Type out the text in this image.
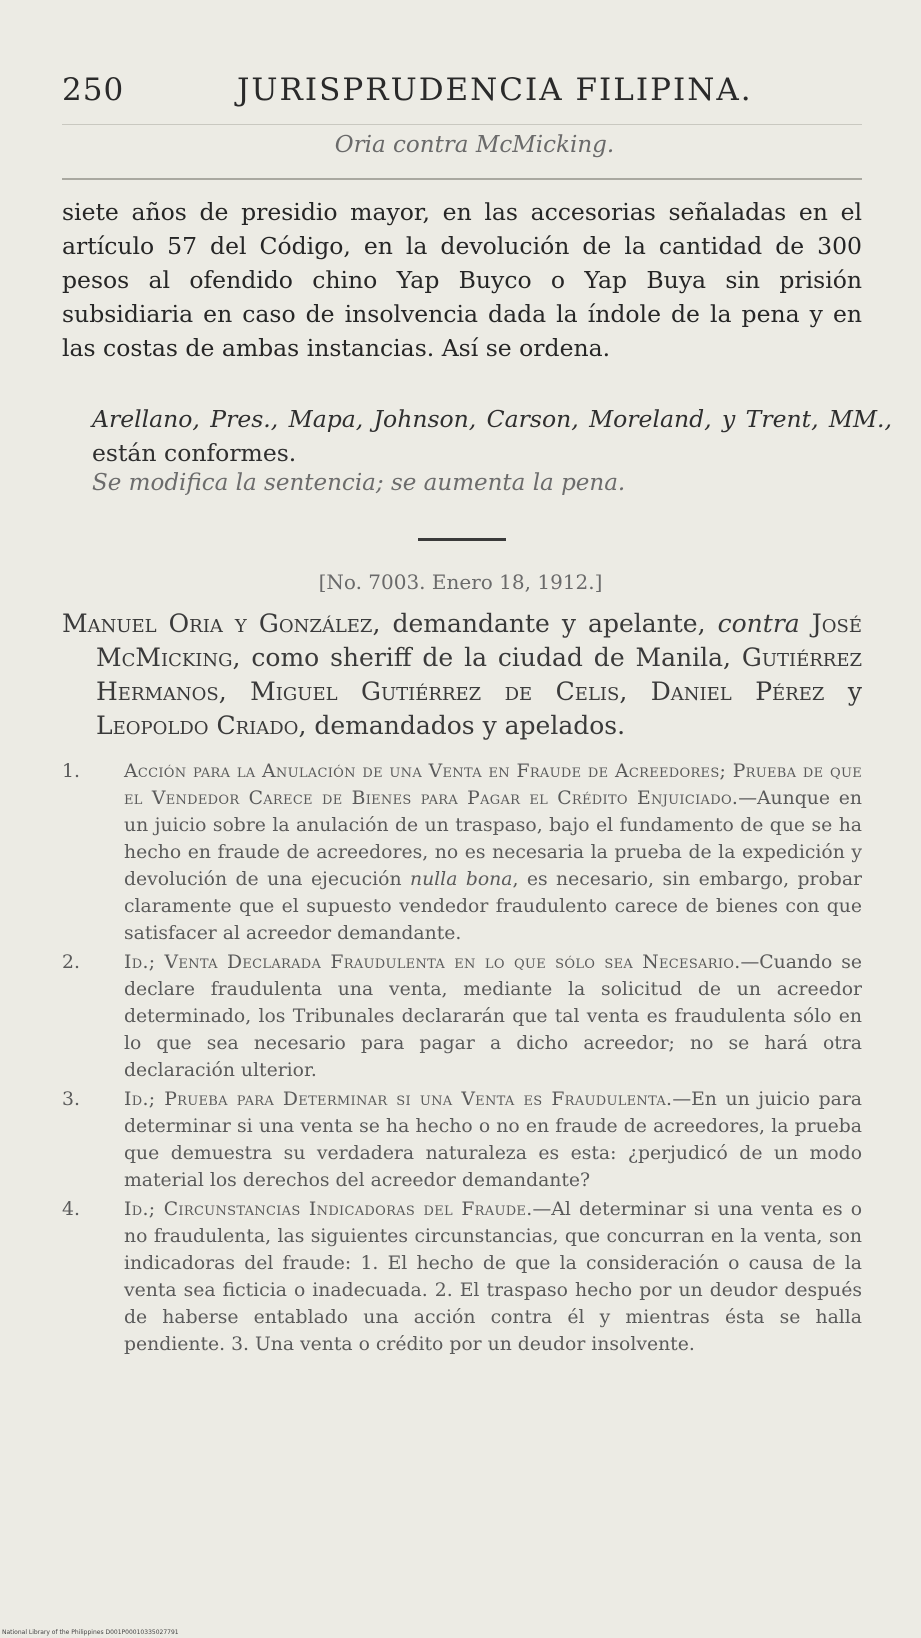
250	JURISPRUDENCIA FILIPINA.
Oria contra McMicking.

siete años de presidio mayor, en las accesorias señaladas en el artículo 57 del Código, en la devolución de la cantidad de 300 pesos al ofendido chino Yap Buyco o Yap Buya sin prisión subsidiaria en caso de insolvencia dada la índole de la pena y en las costas de ambas instancias. Así se ordena.

Arellano, Pres., Mapa, Johnson, Carson, Moreland, y Trent, MM., están conformes.
Se modifica la sentencia; se aumenta la pena.
[No. 7003. Enero 18, 1912.]

Manuel Oria y González, demandante y apelante, contra José McMicking, como sheriff de la ciudad de Manila, Gutiérrez Hermanos, Miguel Gutiérrez de Celis, Daniel Pérez y Leopoldo Criado, demandados y apelados.

1. Acción para la Anulación de una Venta en Fraude de Acreedores; Prueba de que el Vendedor Carece de Bienes para Pagar el Crédito Enjuiciado.—Aunque en un juicio sobre la anulación de un traspaso, bajo el fundamento de que se ha hecho en fraude de acreedores, no es necesaria la prueba de la expedición y devolución de una ejecución nulla bona, es necesario, sin embargo, probar claramente que el supuesto vendedor fraudulento carece de bienes con que satisfacer al acreedor demandante.
2. Id.; Venta Declarada Fraudulenta en lo que sólo sea Necesario.—Cuando se declare fraudulenta una venta, mediante la solicitud de un acreedor determinado, los Tribunales declararán que tal venta es fraudulenta sólo en lo que sea necesario para pagar a dicho acreedor; no se hará otra declaración ulterior.
3. Id.; Prueba para Determinar si una Venta es Fraudulenta.—En un juicio para determinar si una venta se ha hecho o no en fraude de acreedores, la prueba que demuestra su verdadera naturaleza es esta: ¿perjudicó de un modo material los derechos del acreedor demandante?
4. Id.; Circunstancias Indicadoras del Fraude.—Al determinar si una venta es o no fraudulenta, las siguientes circunstancias, que concurran en la venta, son indicadoras del fraude: 1. El hecho de que la consideración o causa de la venta sea ficticia o inadecuada. 2. El traspaso hecho por un deudor después de haberse entablado una acción contra él y mientras ésta se halla pendiente. 3. Una venta o crédito por un deudor insolvente.
National Library of the Philippines D001P00010335027791
